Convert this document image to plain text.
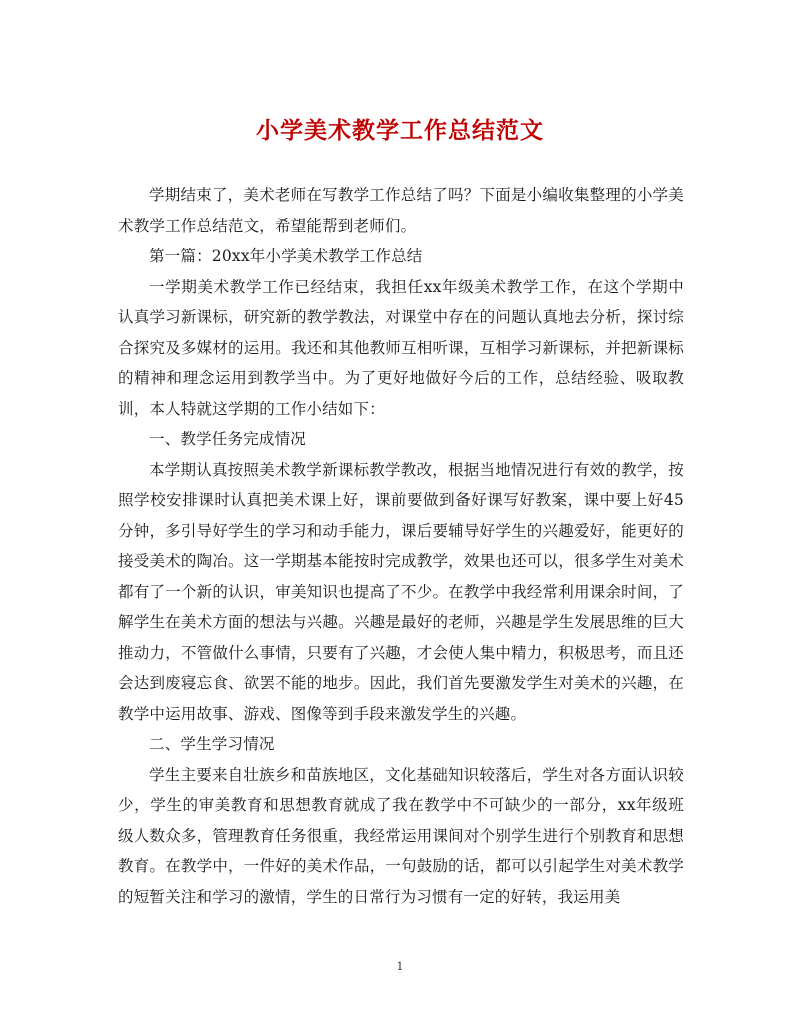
小学美术教学工作总结范文

学期结束了，美术老师在写教学工作总结了吗？下面是小编收集整理的小学美术教学工作总结范文，希望能帮到老师们。

第一篇：20xx年小学美术教学工作总结

一学期美术教学工作已经结束，我担任xx年级美术教学工作，在这个学期中认真学习新课标，研究新的教学教法，对课堂中存在的问题认真地去分析，探讨综合探究及多媒材的运用。我还和其他教师互相听课，互相学习新课标，并把新课标的精神和理念运用到教学当中。为了更好地做好今后的工作，总结经验、吸取教训，本人特就这学期的工作小结如下：

一、教学任务完成情况

本学期认真按照美术教学新课标教学教改，根据当地情况进行有效的教学，按照学校安排课时认真把美术课上好，课前要做到备好课写好教案，课中要上好45分钟，多引导好学生的学习和动手能力，课后要辅导好学生的兴趣爱好，能更好的接受美术的陶冶。这一学期基本能按时完成教学，效果也还可以，很多学生对美术都有了一个新的认识，审美知识也提高了不少。在教学中我经常利用课余时间，了解学生在美术方面的想法与兴趣。兴趣是最好的老师，兴趣是学生发展思维的巨大推动力，不管做什么事情，只要有了兴趣，才会使人集中精力，积极思考，而且还会达到废寝忘食、欲罢不能的地步。因此，我们首先要激发学生对美术的兴趣，在教学中运用故事、游戏、图像等到手段来激发学生的兴趣。

二、学生学习情况

学生主要来自壮族乡和苗族地区，文化基础知识较落后，学生对各方面认识较少，学生的审美教育和思想教育就成了我在教学中不可缺少的一部分，xx年级班级人数众多，管理教育任务很重，我经常运用课间对个别学生进行个别教育和思想教育。在教学中，一件好的美术作品，一句鼓励的话，都可以引起学生对美术教学的短暂关注和学习的激情，学生的日常行为习惯有一定的好转，我运用美

1
